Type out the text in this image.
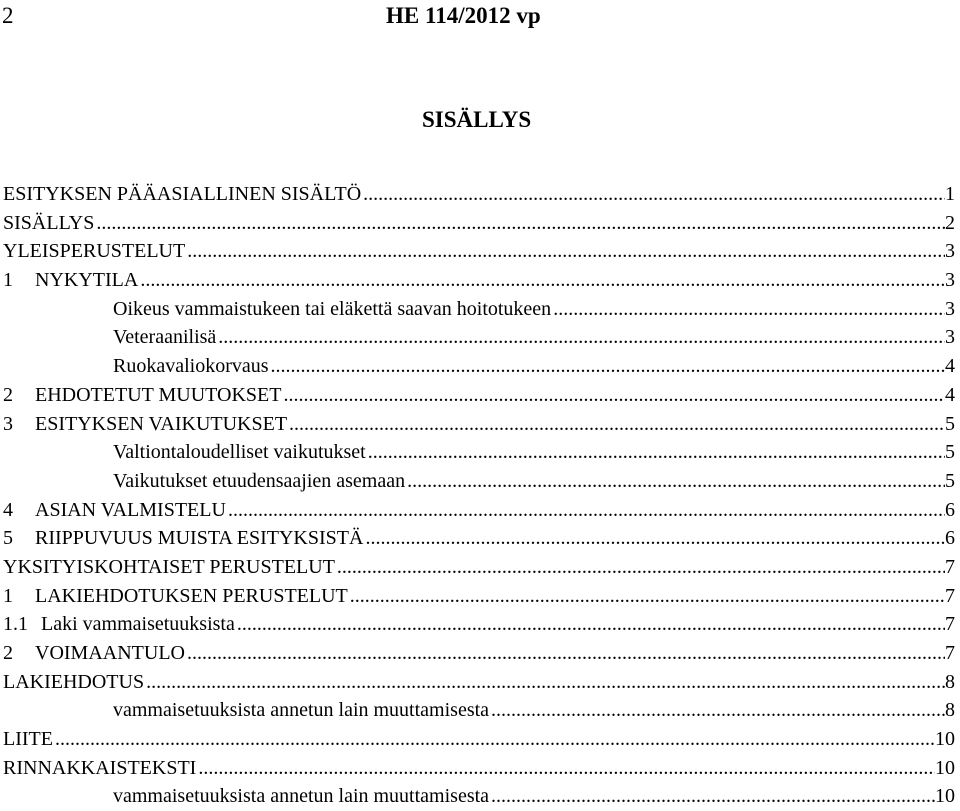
2	HE 114/2012 vp
SISÄLLYS
ESITYKSEN PÄÄASIALLINEN SISÄLTÖ .....	1
SISÄLLYS .....	2
YLEISPERUSTELUT .....	3
1 NYKYTILA .....	3
Oikeus vammaistukeen tai eläkettä saavan hoitotukeen .....	3
Veteraanilisä .....	3
Ruokavaliokorvaus .....	4
2 EHDOTETUT MUUTOKSET .....	4
3 ESITYKSEN VAIKUTUKSET .....	5
Valtiontaloudelliset vaikutukset .....	5
Vaikutukset etuudensaajien asemaan .....	5
4 ASIAN VALMISTELU .....	6
5 RIIPPUVUUS MUISTA ESITYKSISTÄ .....	6
YKSITYISKOHTAISET PERUSTELUT .....	7
1 LAKIEHDOTUKSEN PERUSTELUT .....	7
1.1 Laki vammaisetuuksista .....	7
2 VOIMAANTULO .....	7
LAKIEHDOTUS .....	8
vammaisetuuksista annetun lain muuttamisesta .....	8
LIITE .....	10
RINNAKKAISTEKSTI .....	10
vammaisetuuksista annetun lain muuttamisesta .....	10
